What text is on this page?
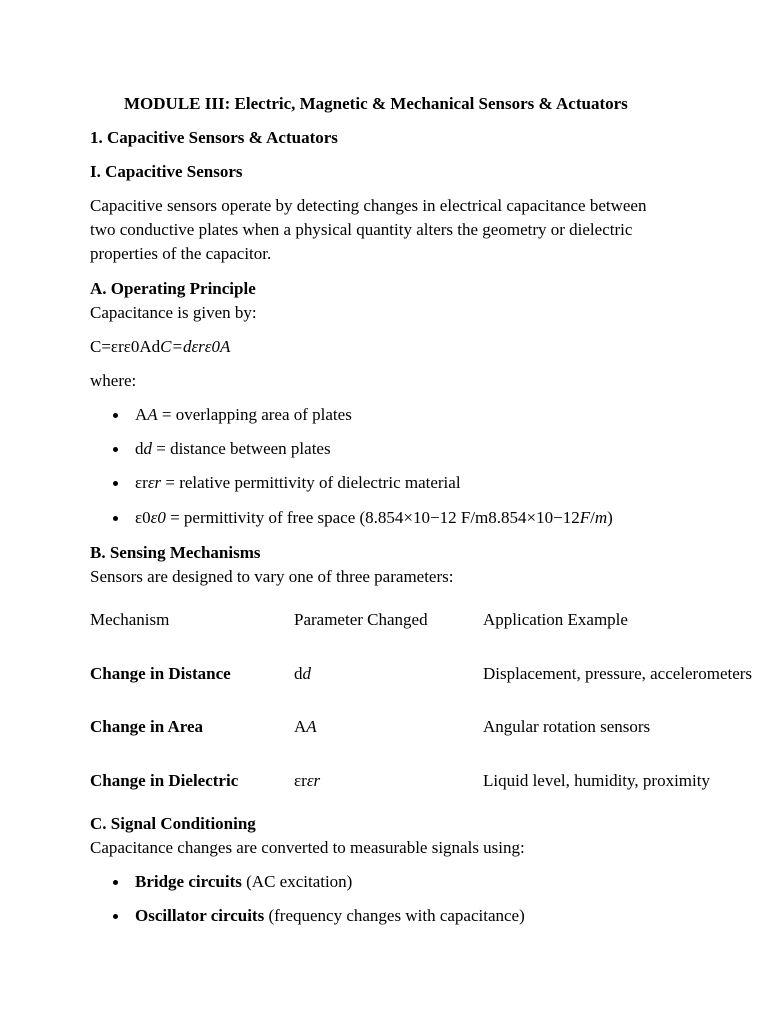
MODULE III: Electric, Magnetic & Mechanical Sensors & Actuators
1. Capacitive Sensors & Actuators
I. Capacitive Sensors
Capacitive sensors operate by detecting changes in electrical capacitance between
two conductive plates when a physical quantity alters the geometry or dielectric
properties of the capacitor.
A. Operating Principle
Capacitance is given by:
C=εrε0AdC=dεrε0A
where:
AA = overlapping area of plates
dd = distance between plates
εrεr = relative permittivity of dielectric material
ε0ε0 = permittivity of free space (8.854×10−12 F/m8.854×10−12F/m)
B. Sensing Mechanisms
Sensors are designed to vary one of three parameters:
Mechanism	Parameter Changed	Application Example
Change in Distance	dd	Displacement, pressure, accelerometers
Change in Area	AA	Angular rotation sensors
Change in Dielectric	εrεr	Liquid level, humidity, proximity
C. Signal Conditioning
Capacitance changes are converted to measurable signals using:
Bridge circuits (AC excitation)
Oscillator circuits (frequency changes with capacitance)
